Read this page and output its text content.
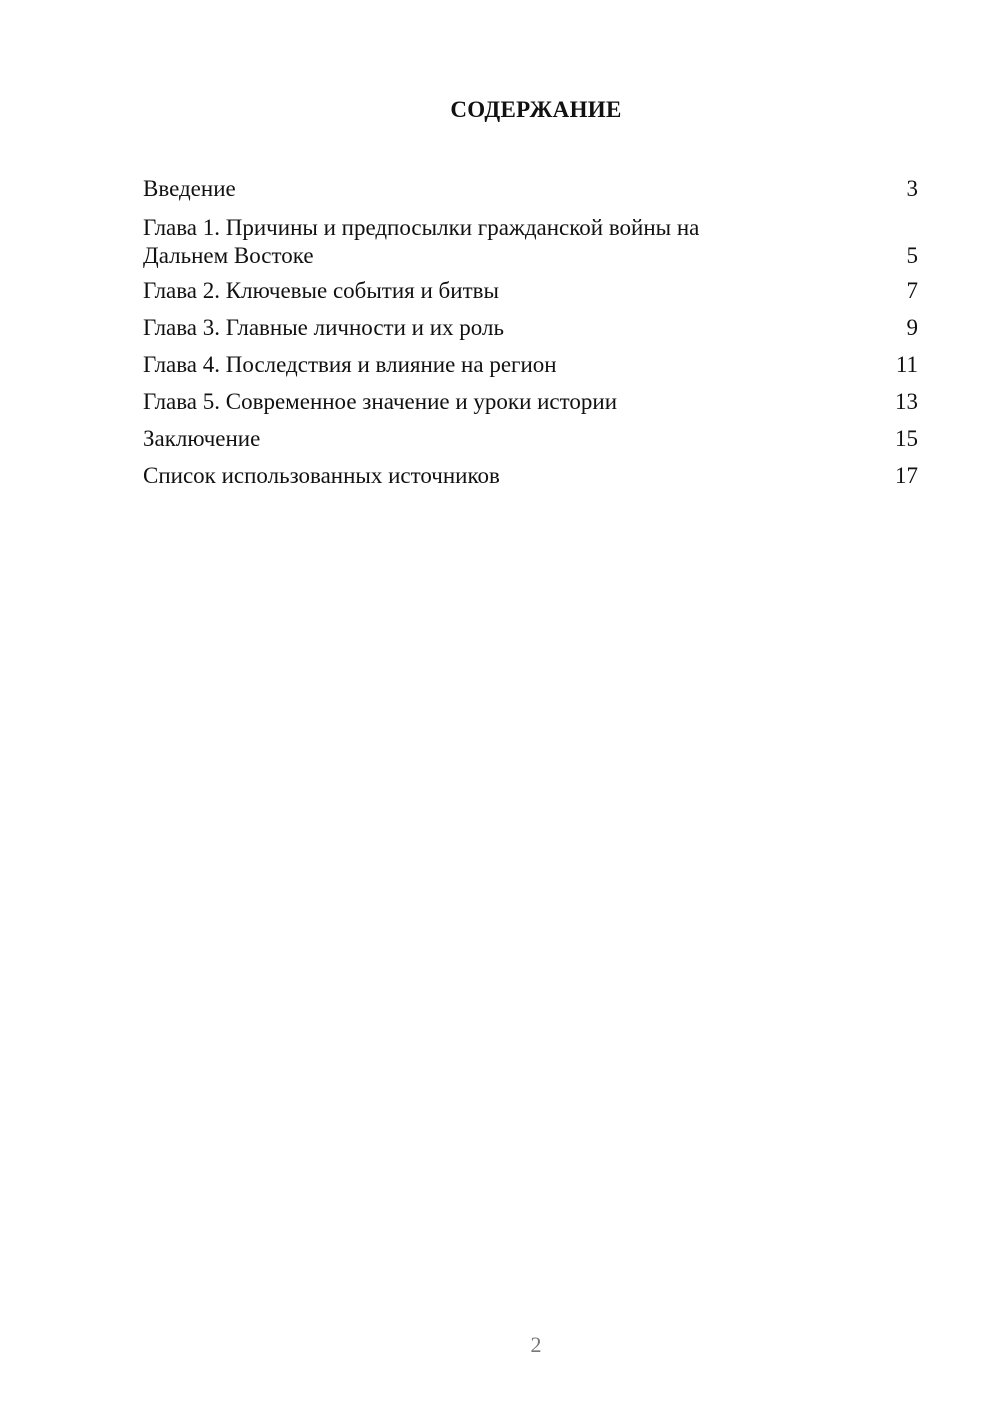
СОДЕРЖАНИЕ
Введение	3
Глава 1. Причины и предпосылки гражданской войны на
Дальнем Востоке	5
Глава 2. Ключевые события и битвы	7
Глава 3. Главные личности и их роль	9
Глава 4. Последствия и влияние на регион	11
Глава 5. Современное значение и уроки истории	13
Заключение	15
Список использованных источников	17
2
